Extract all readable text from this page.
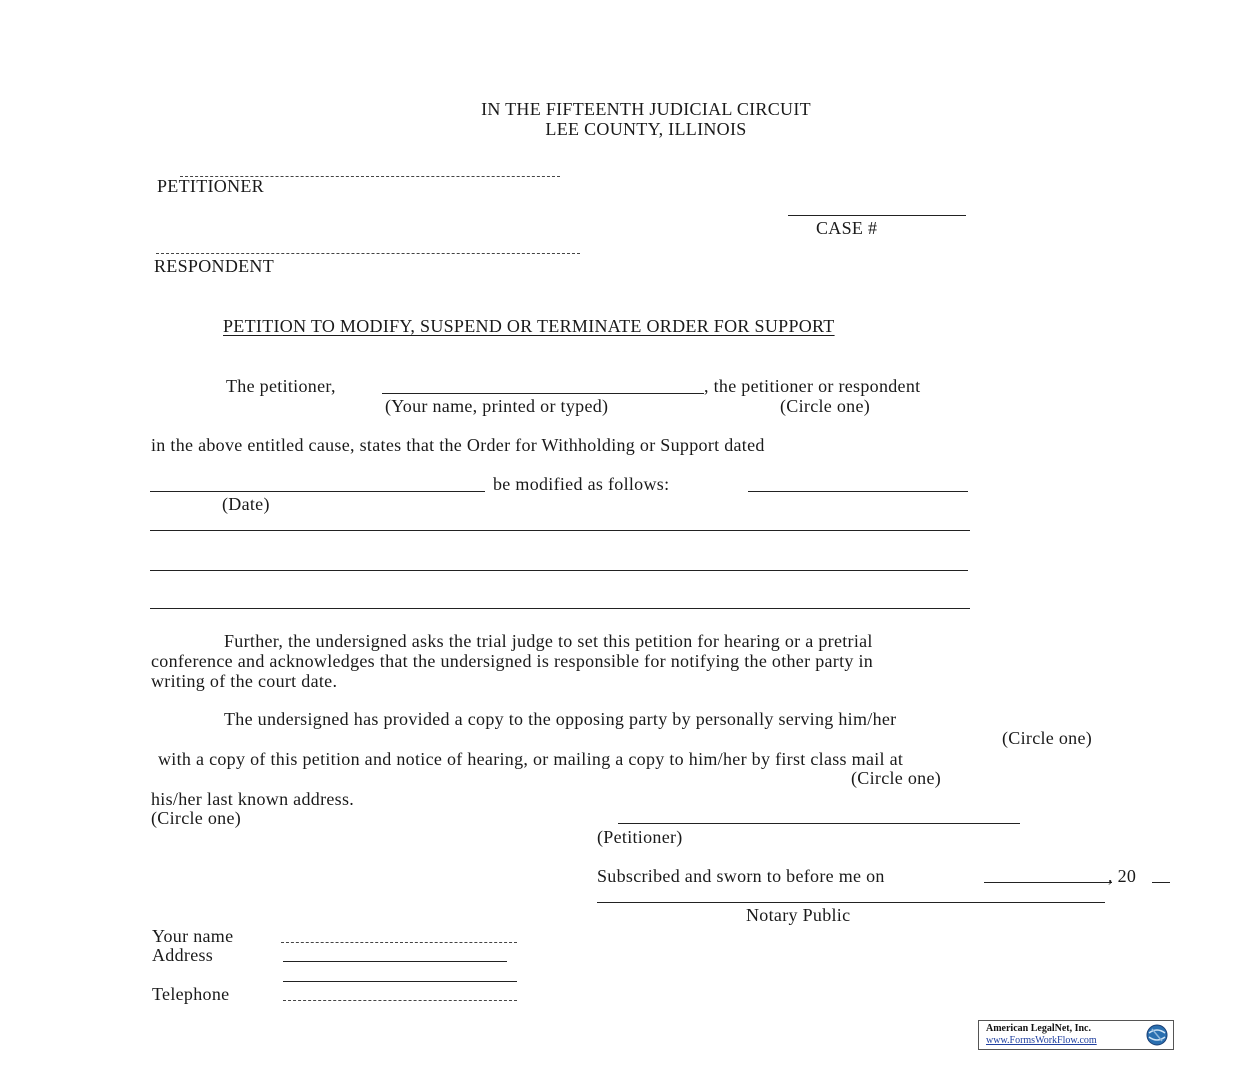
IN THE FIFTEENTH JUDICIAL CIRCUIT
LEE COUNTY, ILLINOIS
PETITIONER
CASE #
RESPONDENT
PETITION TO MODIFY, SUSPEND OR TERMINATE ORDER FOR SUPPORT
The petitioner,	, the petitioner or respondent
(Your name, printed or typed)	(Circle one)
in the above entitled cause, states that the Order for Withholding or Support dated
be modified as follows:
(Date)
Further, the undersigned asks the trial judge to set this petition for hearing or a pretrial
conference and acknowledges that the undersigned is responsible for notifying the other party in
writing of the court date.
The undersigned has provided a copy to the opposing party by personally serving him/her
(Circle one)
with a copy of this petition and notice of hearing, or mailing a copy to him/her by first class mail at
(Circle one)
his/her last known address.
(Circle one)
(Petitioner)
Subscribed and sworn to before me on	, 20
Notary Public
Your name
Address
Telephone
American LegalNet, Inc.
www.FormsWorkFlow.com
